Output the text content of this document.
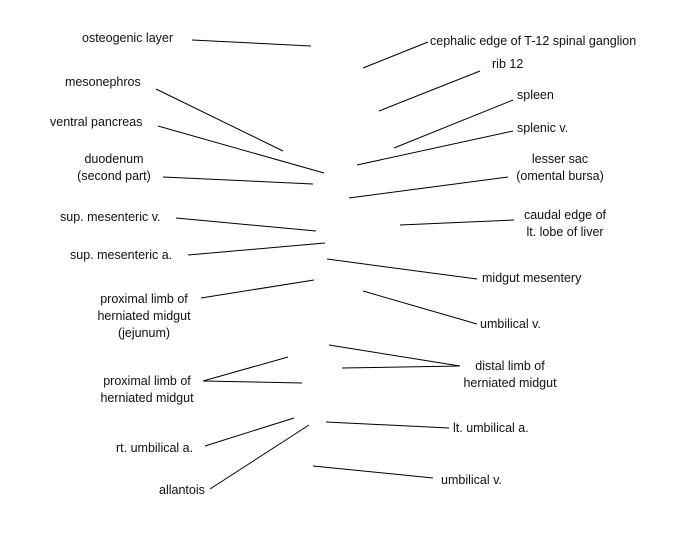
osteogenic layer
mesonephros
ventral pancreas
duodenum
(second part)
sup. mesenteric v.
sup. mesenteric a.
proximal limb of
herniated midgut
(jejunum)
proximal limb of
herniated midgut
rt. umbilical a.
allantois
cephalic edge of T-12 spinal ganglion
rib 12
spleen
splenic v.
lesser sac
(omental bursa)
caudal edge of
lt. lobe of liver
midgut mesentery
umbilical v.
distal limb of
herniated midgut
lt. umbilical a.
umbilical v.
